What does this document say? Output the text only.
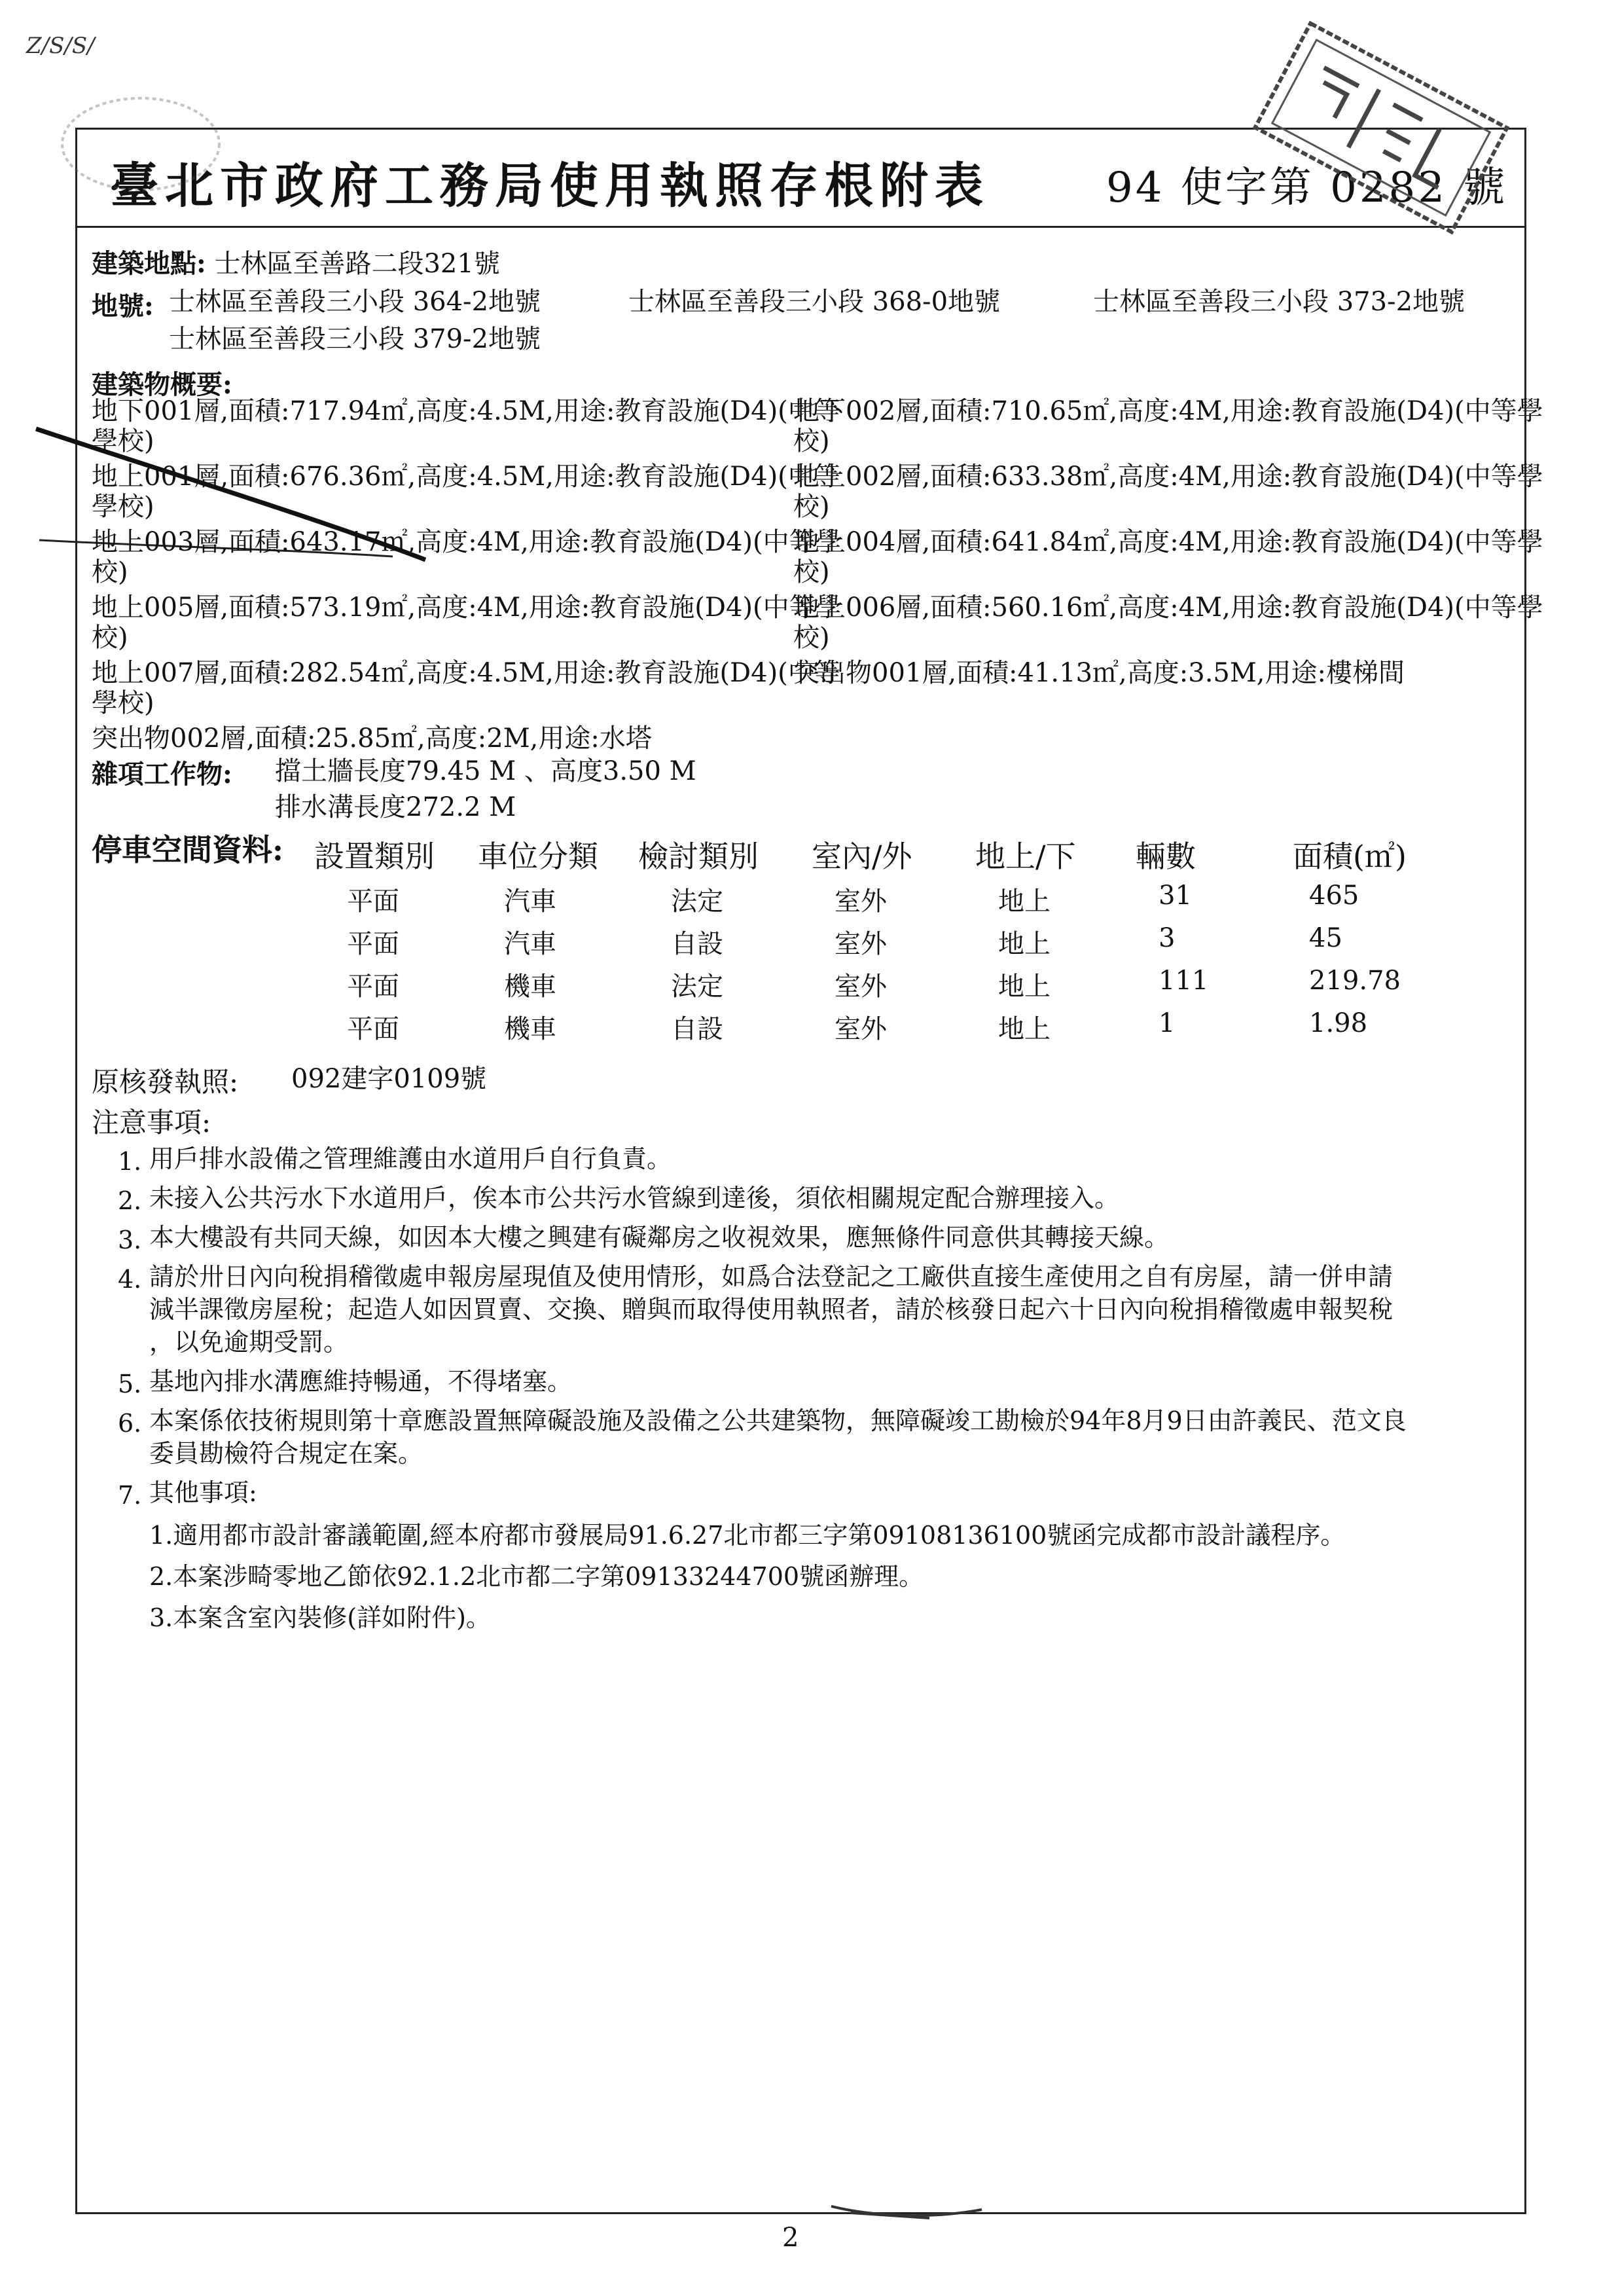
Z/S/S/
臺北市政府工務局使用執照存根附表	94 使字第 0282 號
建築地點: 士林區至善路二段321號
地號: 士林區至善段三小段 364-2地號	士林區至善段三小段 368-0地號	士林區至善段三小段 373-2地號
士林區至善段三小段 379-2地號
建築物概要:
地下001層,面積:717.94㎡,高度:4.5M,用途:教育設施(D4)(中等
學校)
地上001層,面積:676.36㎡,高度:4.5M,用途:教育設施(D4)(中等
學校)
地上003層,面積:643.17㎡,高度:4M,用途:教育設施(D4)(中等學
校)
地上005層,面積:573.19㎡,高度:4M,用途:教育設施(D4)(中等學
校)
地上007層,面積:282.54㎡,高度:4.5M,用途:教育設施(D4)(中等
學校)
突出物002層,面積:25.85㎡,高度:2M,用途:水塔
地下002層,面積:710.65㎡,高度:4M,用途:教育設施(D4)(中等學
校)
地上002層,面積:633.38㎡,高度:4M,用途:教育設施(D4)(中等學
校)
地上004層,面積:641.84㎡,高度:4M,用途:教育設施(D4)(中等學
校)
地上006層,面積:560.16㎡,高度:4M,用途:教育設施(D4)(中等學
校)
突出物001層,面積:41.13㎡,高度:3.5M,用途:樓梯間
雜項工作物: 擋土牆長度79.45 M 、高度3.50 M
排水溝長度272.2 M
停車空間資料: 設置類別 車位分類 檢討類別 室內/外 地上/下 輛數	面積(㎡)
平面	汽車	法定	室外	地上	31	465
平面	汽車	自設	室外	地上	3	45
平面	機車	法定	室外	地上	111	219.78
平面	機車	自設	室外	地上	1	1.98
原核發執照: 092建字0109號
注意事項:
1. 用戶排水設備之管理維護由水道用戶自行負責。
2. 未接入公共污水下水道用戶，俟本市公共污水管線到達後，須依相關規定配合辦理接入。
3. 本大樓設有共同天線，如因本大樓之興建有礙鄰房之收視效果，應無條件同意供其轉接天線。
4. 請於卅日內向稅捐稽徵處申報房屋現值及使用情形，如爲合法登記之工廠供直接生產使用之自有房屋，請一併申請
減半課徵房屋稅；起造人如因買賣、交換、贈與而取得使用執照者，請於核發日起六十日內向稅捐稽徵處申報契稅
，以免逾期受罰。
5. 基地內排水溝應維持暢通，不得堵塞。
6. 本案係依技術規則第十章應設置無障礙設施及設備之公共建築物，無障礙竣工勘檢於94年8月9日由許義民、范文良
委員勘檢符合規定在案。
7. 其他事項:
1.適用都市設計審議範圍,經本府都市發展局91.6.27北市都三字第09108136100號函完成都市設計議程序。
2.本案涉畸零地乙節依92.1.2北市都二字第09133244700號函辦理。
3.本案含室內裝修(詳如附件)。
2
